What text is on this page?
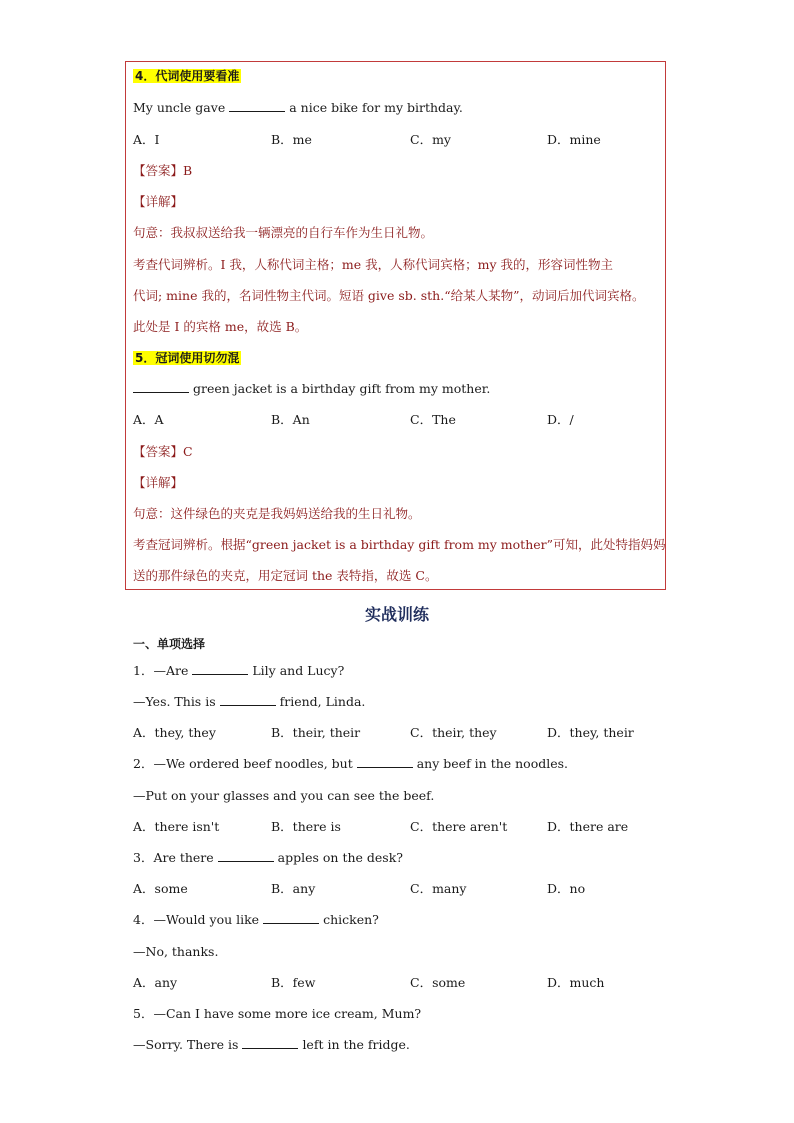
4．代词使用要看准
My uncle gave	a nice bike for my birthday.
A．I	B．me	C．my	D．mine
【答案】B
【详解】
句意：我叔叔送给我一辆漂亮的自行车作为生日礼物。
考查代词辨析。I 我，人称代词主格；me 我，人称代词宾格；my 我的，形容词性物主
代词; mine 我的，名词性物主代词。短语 give sb. sth.“给某人某物”，动词后加代词宾格。
此处是 I 的宾格 me，故选 B。
5．冠词使用切勿混
green jacket is a birthday gift from my mother.
A．A	B．An	C．The	D．/
【答案】C
【详解】
句意：这件绿色的夹克是我妈妈送给我的生日礼物。
考查冠词辨析。根据“green jacket is a birthday gift from my mother”可知，此处特指妈妈
送的那件绿色的夹克，用定冠词 the 表特指，故选 C。
实战训练
一、单项选择
1．—Are	Lily and Lucy?
—Yes. This is	friend, Linda.
A．they, they	B．their, their	C．their, they	D．they, their
2．—We ordered beef noodles, but	any beef in the noodles.
—Put on your glasses and you can see the beef.
A．there isn't	B．there is	C．there aren't	D．there are
3．Are there	apples on the desk?
A．some	B．any	C．many	D．no
4．—Would you like	chicken?
—No, thanks.
A．any	B．few	C．some	D．much
5．—Can I have some more ice cream, Mum?
—Sorry. There is	left in the fridge.
